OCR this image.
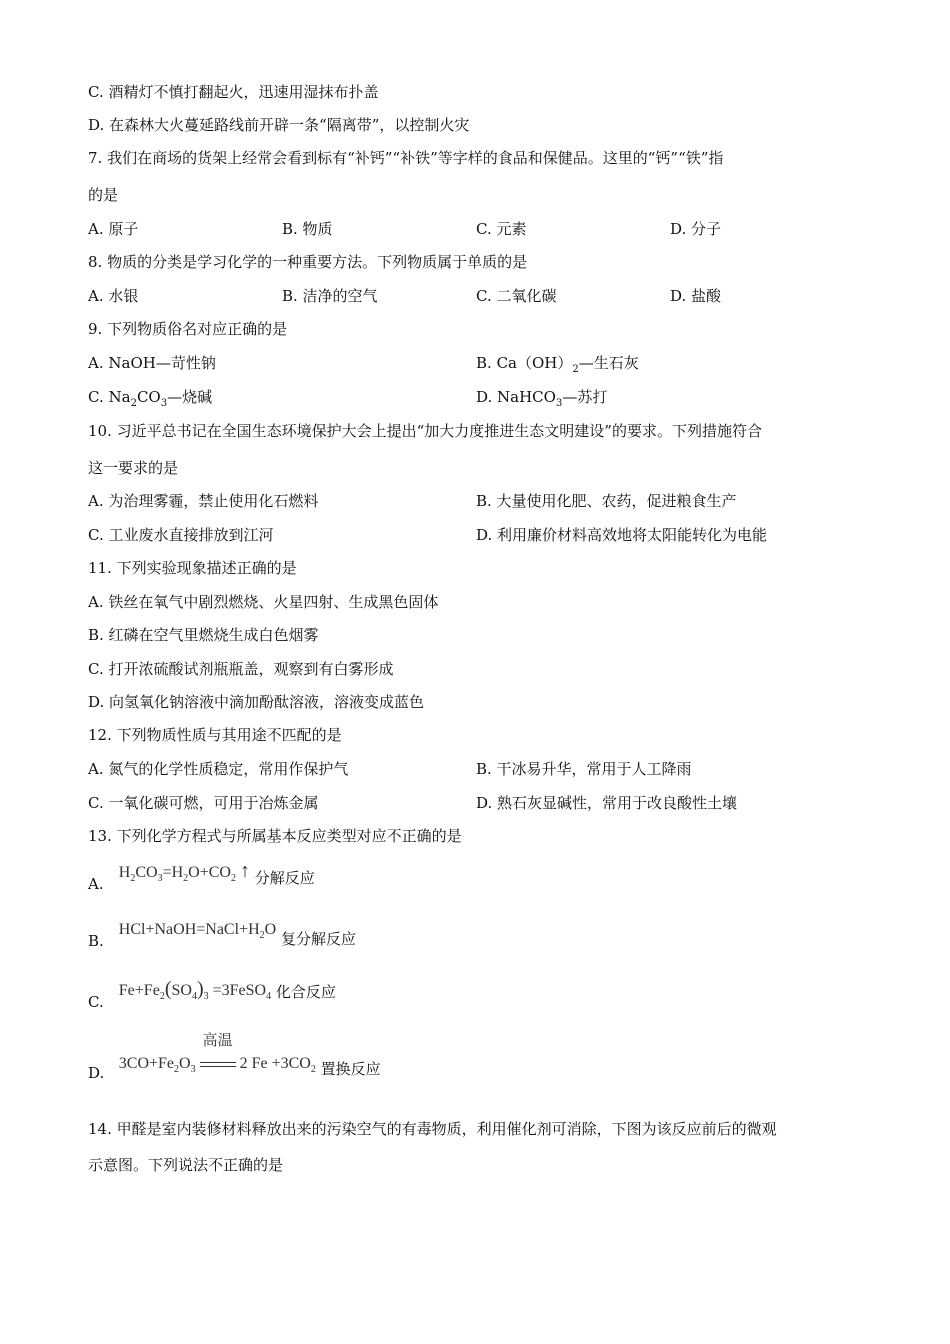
C. 酒精灯不慎打翻起火，迅速用湿抹布扑盖
D. 在森林大火蔓延路线前开辟一条“隔离带”，以控制火灾
7. 我们在商场的货架上经常会看到标有“补钙”“补铁”等字样的食品和保健品。这里的“钙”“铁”指
的是
A. 原子	B. 物质	C. 元素	D. 分子
8. 物质的分类是学习化学的一种重要方法。下列物质属于单质的是
A. 水银	B. 洁净的空气	C. 二氧化碳	D. 盐酸
9. 下列物质俗名对应正确的是
A. NaOH—苛性钠	B. $Ca(OH)_2—$生石灰
C. $Na_2CO_3—$烧碱	D. NaHCO$_3$—苏打
10. 习近平总书记在全国生态环境保护大会上提出“加大力度推进生态文明建设”的要求。下列措施符合
这一要求的是
A. 为治理雾霾，禁止使用化石燃料	B. 大量使用化肥、农药，促进粮食生产
C. 工业废水直接排放到江河	D. 利用廉价材料高效地将太阳能转化为电能
11. 下列实验现象描述正确的是
A. 铁丝在氧气中剧烈燃烧、火星四射、生成黑色固体
B. 红磷在空气里燃烧生成白色烟雾
C. 打开浓硫酸试剂瓶瓶盖，观察到有白雾形成
D. 向氢氧化钠溶液中滴加酚酞溶液，溶液变成蓝色
12. 下列物质性质与其用途不匹配的是
A. 氮气的化学性质稳定，常用作保护气	B. 干冰易升华，常用于人工降雨
C. 一氧化碳可燃，可用于冶炼金属	D. 熟石灰显碱性，常用于改良酸性土壤
13. 下列化学方程式与所属基本反应类型对应不正确的是
A. $H_2CO_3=H_2O+CO_2$ ↑ 分解反应
B. $HCl+NaOH=NaCl+H_2O$ 复分解反应
C. $Fe+Fe_2(SO_4)_3$ =3FeSO$_4$ 化合反应
D. $3CO+Fe_2O_3$
高温
2 $Fe +3CO_2$ 置换反应
14. 甲醛是室内装修材料释放出来的污染空气的有毒物质，利用催化剂可消除，下图为该反应前后的微观
示意图。下列说法不正确的是
